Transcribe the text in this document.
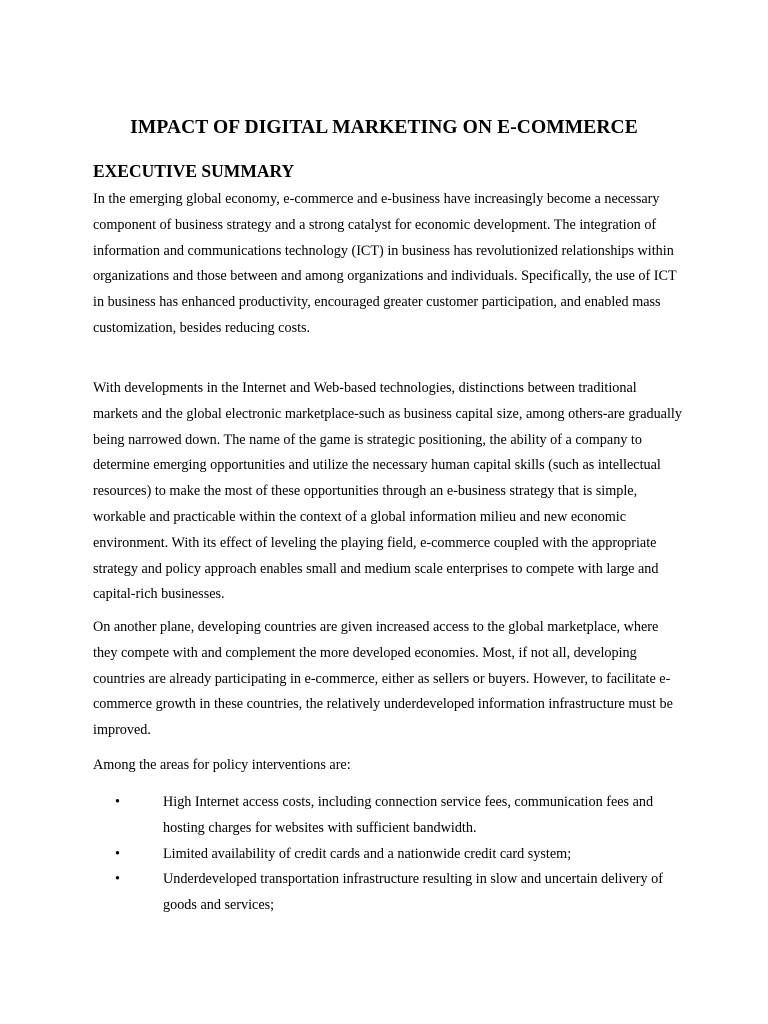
IMPACT OF DIGITAL MARKETING ON E-COMMERCE
EXECUTIVE SUMMARY

In the emerging global economy, e-commerce and e-business have increasingly become a necessary component of business strategy and a strong catalyst for economic development. The integration of information and communications technology (ICT) in business has revolutionized relationships within organizations and those between and among organizations and individuals. Specifically, the use of ICT in business has enhanced productivity, encouraged greater customer participation, and enabled mass customization, besides reducing costs.

With developments in the Internet and Web-based technologies, distinctions between traditional markets and the global electronic marketplace-such as business capital size, among others-are gradually being narrowed down. The name of the game is strategic positioning, the ability of a company to determine emerging opportunities and utilize the necessary human capital skills (such as intellectual resources) to make the most of these opportunities through an e-business strategy that is simple, workable and practicable within the context of a global information milieu and new economic environment. With its effect of leveling the playing field, e-commerce coupled with the appropriate strategy and policy approach enables small and medium scale enterprises to compete with large and capital-rich businesses.

On another plane, developing countries are given increased access to the global marketplace, where they compete with and complement the more developed economies. Most, if not all, developing countries are already participating in e-commerce, either as sellers or buyers. However, to facilitate e-commerce growth in these countries, the relatively underdeveloped information infrastructure must be improved.

Among the areas for policy interventions are:

•	High Internet access costs, including connection service fees, communication fees and hosting charges for websites with sufficient bandwidth.
•	Limited availability of credit cards and a nationwide credit card system;
•	Underdeveloped transportation infrastructure resulting in slow and uncertain delivery of goods and services;
